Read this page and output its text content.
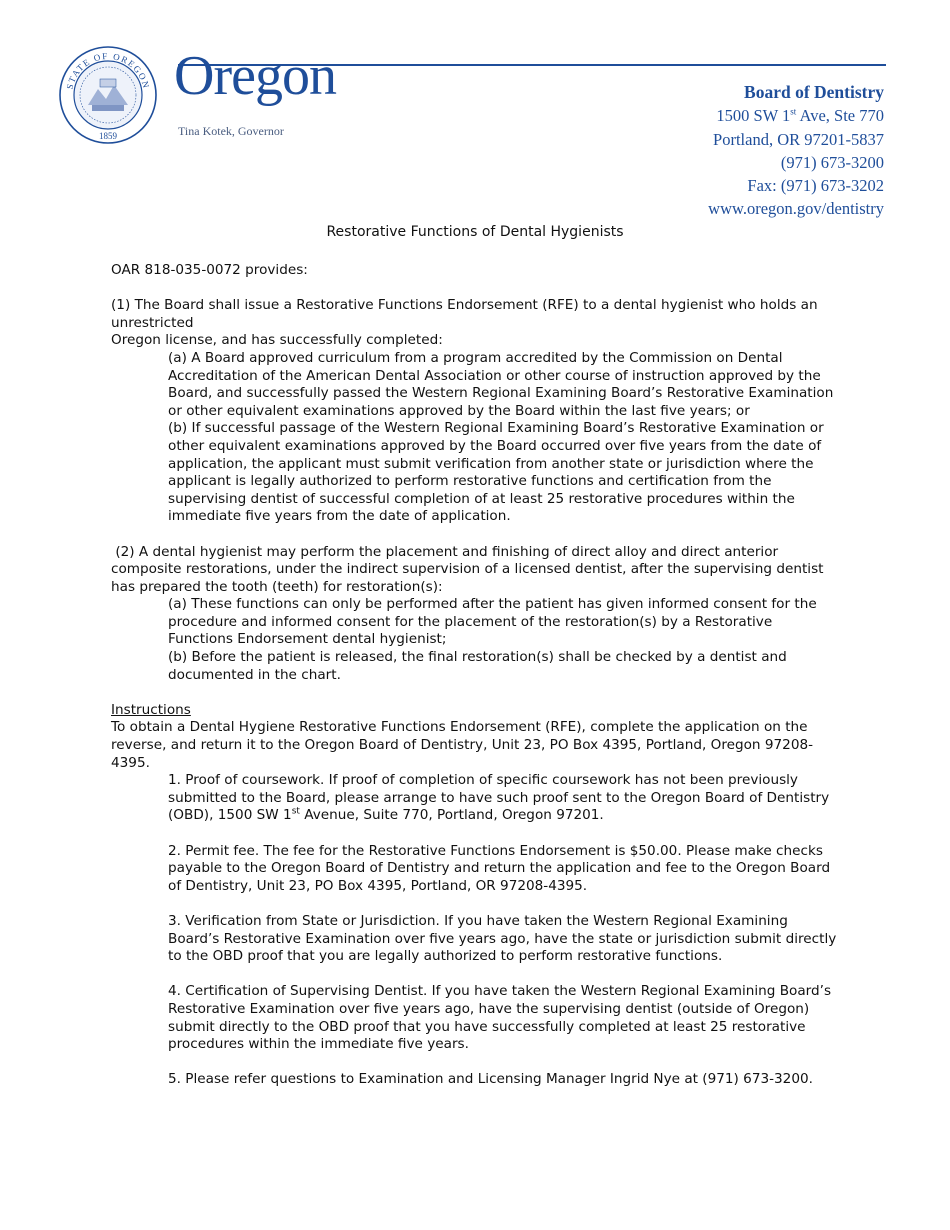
STATE OF OREGON
1859
Oregon
Tina Kotek, Governor
Board of Dentistry
1500 SW 1st Ave, Ste 770
Portland, OR 97201-5837
(971) 673-3200
Fax: (971) 673-3202
www.oregon.gov/dentistry
Restorative Functions of Dental Hygienists

OAR 818-035-0072 provides:

(1) The Board shall issue a Restorative Functions Endorsement (RFE) to a dental hygienist who holds an unrestricted

Oregon license, and has successfully completed:

(a) A Board approved curriculum from a program accredited by the Commission on Dental Accreditation of the American Dental Association or other course of instruction approved by the Board, and successfully passed the Western Regional Examining Board’s Restorative Examination or other equivalent examinations approved by the Board within the last five years; or

(b) If successful passage of the Western Regional Examining Board’s Restorative Examination or other equivalent examinations approved by the Board occurred over five years from the date of application, the applicant must submit verification from another state or jurisdiction where the applicant is legally authorized to perform restorative functions and certification from the supervising dentist of successful completion of at least 25 restorative procedures within the immediate five years from the date of application.

(2) A dental hygienist may perform the placement and finishing of direct alloy and direct anterior composite restorations, under the indirect supervision of a licensed dentist, after the supervising dentist has prepared the tooth (teeth) for restoration(s):

(a) These functions can only be performed after the patient has given informed consent for the procedure and informed consent for the placement of the restoration(s) by a Restorative Functions Endorsement dental hygienist;

(b) Before the patient is released, the final restoration(s) shall be checked by a dentist and documented in the chart.

Instructions

To obtain a Dental Hygiene Restorative Functions Endorsement (RFE), complete the application on the reverse, and return it to the Oregon Board of Dentistry, Unit 23, PO Box 4395, Portland, Oregon 97208-4395.

1. Proof of coursework. If proof of completion of specific coursework has not been previously submitted to the Board, please arrange to have such proof sent to the Oregon Board of Dentistry (OBD), 1500 SW 1st Avenue, Suite 770, Portland, Oregon 97201.

2. Permit fee. The fee for the Restorative Functions Endorsement is $50.00. Please make checks payable to the Oregon Board of Dentistry and return the application and fee to the Oregon Board of Dentistry, Unit 23, PO Box 4395, Portland, OR 97208-4395.

3. Verification from State or Jurisdiction. If you have taken the Western Regional Examining Board’s Restorative Examination over five years ago, have the state or jurisdiction submit directly to the OBD proof that you are legally authorized to perform restorative functions.

4. Certification of Supervising Dentist. If you have taken the Western Regional Examining Board’s Restorative Examination over five years ago, have the supervising dentist (outside of Oregon) submit directly to the OBD proof that you have successfully completed at least 25 restorative procedures within the immediate five years.

5. Please refer questions to Examination and Licensing Manager Ingrid Nye at (971) 673-3200.
